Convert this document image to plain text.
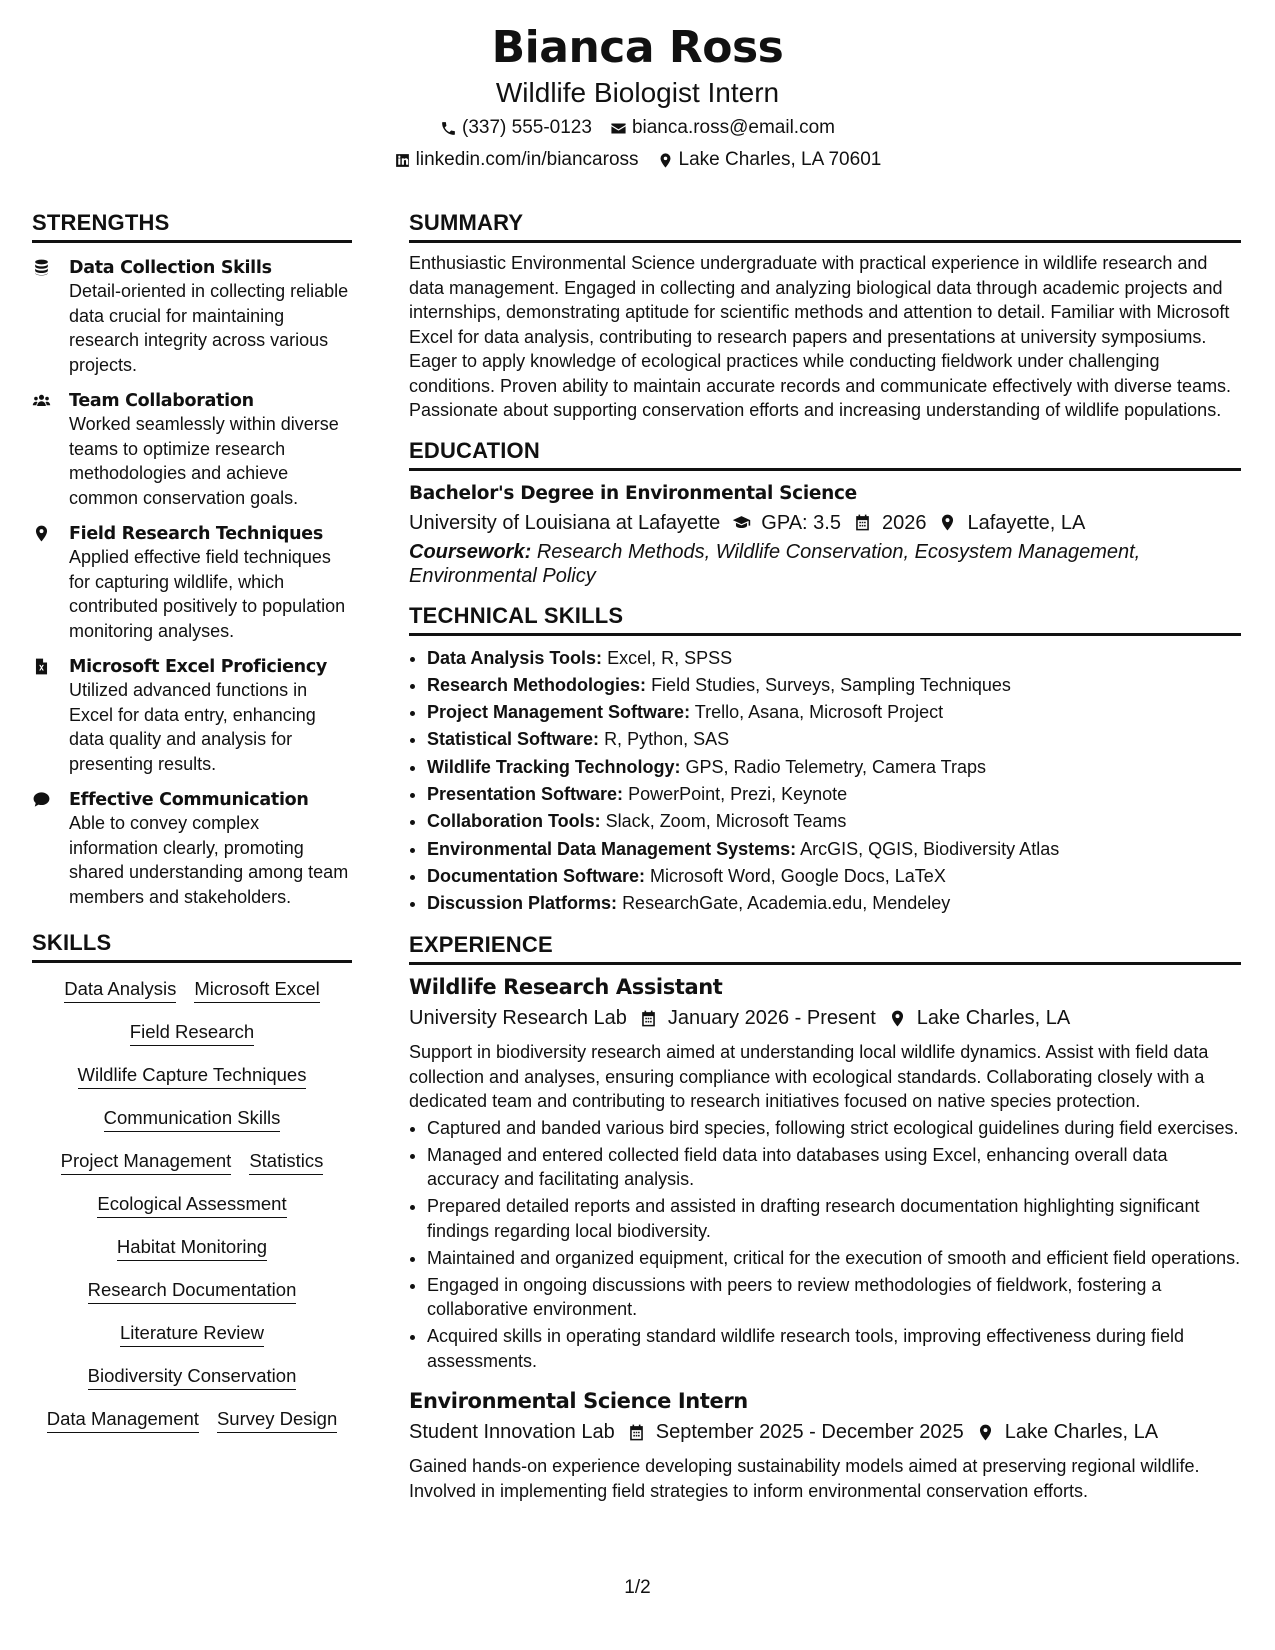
Bianca Ross
Wildlife Biologist Intern
(337) 555-0123 bianca.ross@email.com
linkedin.com/in/biancaross Lake Charles, LA 70601
STRENGTHS
Data Collection Skills
Detail-oriented in collecting reliable data crucial for maintaining research integrity across various projects.
Team Collaboration
Worked seamlessly within diverse teams to optimize research methodologies and achieve common conservation goals.
Field Research Techniques
Applied effective field techniques for capturing wildlife, which contributed positively to population monitoring analyses.
Microsoft Excel Proficiency
Utilized advanced functions in Excel for data entry, enhancing data quality and analysis for presenting results.
Effective Communication
Able to convey complex information clearly, promoting shared understanding among team members and stakeholders.
SKILLS
Data Analysis Microsoft Excel
Field Research
Wildlife Capture Techniques
Communication Skills
Project Management Statistics
Ecological Assessment
Habitat Monitoring
Research Documentation
Literature Review
Biodiversity Conservation
Data Management Survey Design
SUMMARY
Enthusiastic Environmental Science undergraduate with practical experience in wildlife research and data management. Engaged in collecting and analyzing biological data through academic projects and internships, demonstrating aptitude for scientific methods and attention to detail. Familiar with Microsoft Excel for data analysis, contributing to research papers and presentations at university symposiums. Eager to apply knowledge of ecological practices while conducting fieldwork under challenging conditions. Proven ability to maintain accurate records and communicate effectively with diverse teams. Passionate about supporting conservation efforts and increasing understanding of wildlife populations.
EDUCATION
Bachelor's Degree in Environmental Science
University of Louisiana at Lafayette GPA: 3.5 2026 Lafayette, LA
Coursework: Research Methods, Wildlife Conservation, Ecosystem Management, Environmental Policy
TECHNICAL SKILLS
• Data Analysis Tools: Excel, R, SPSS
• Research Methodologies: Field Studies, Surveys, Sampling Techniques
• Project Management Software: Trello, Asana, Microsoft Project
• Statistical Software: R, Python, SAS
• Wildlife Tracking Technology: GPS, Radio Telemetry, Camera Traps
• Presentation Software: PowerPoint, Prezi, Keynote
• Collaboration Tools: Slack, Zoom, Microsoft Teams
• Environmental Data Management Systems: ArcGIS, QGIS, Biodiversity Atlas
• Documentation Software: Microsoft Word, Google Docs, LaTeX
• Discussion Platforms: ResearchGate, Academia.edu, Mendeley
EXPERIENCE
Wildlife Research Assistant
University Research Lab January 2026 - Present Lake Charles, LA
Support in biodiversity research aimed at understanding local wildlife dynamics. Assist with field data collection and analyses, ensuring compliance with ecological standards. Collaborating closely with a dedicated team and contributing to research initiatives focused on native species protection.
• Captured and banded various bird species, following strict ecological guidelines during field exercises.
• Managed and entered collected field data into databases using Excel, enhancing overall data accuracy and facilitating analysis.
• Prepared detailed reports and assisted in drafting research documentation highlighting significant findings regarding local biodiversity.
• Maintained and organized equipment, critical for the execution of smooth and efficient field operations.
• Engaged in ongoing discussions with peers to review methodologies of fieldwork, fostering a collaborative environment.
• Acquired skills in operating standard wildlife research tools, improving effectiveness during field assessments.
Environmental Science Intern
Student Innovation Lab September 2025 - December 2025 Lake Charles, LA
Gained hands-on experience developing sustainability models aimed at preserving regional wildlife. Involved in implementing field strategies to inform environmental conservation efforts.
1/2
